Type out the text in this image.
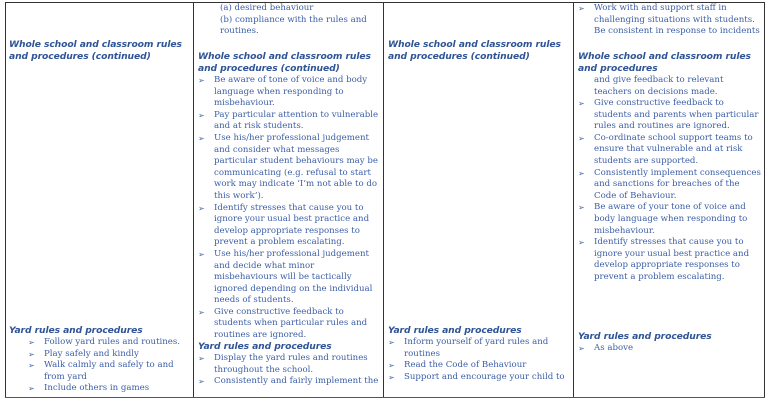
Whole school and classroom rules and procedures (continued)
Yard rules and procedures
➢ Follow yard rules and routines.
➢ Play safely and kindly
➢ Walk calmly and safely to and from yard
➢ Include others in games
(a) desired behaviour
(b) compliance with the rules and routines.
Whole school and classroom rules and procedures (continued)
➢ Be aware of tone of voice and body language when responding to misbehaviour.
➢ Pay particular attention to vulnerable and at risk students.
➢ Use his/her professional judgement and consider what messages particular student behaviours may be communicating (e.g. refusal to start work may indicate ‘I’m not able to do this work’).
➢ Identify stresses that cause you to ignore your usual best practice and develop appropriate responses to prevent a problem escalating.
➢ Use his/her professional judgement and decide what minor misbehaviours will be tactically ignored depending on the individual needs of students.
➢ Give constructive feedback to students when particular rules and routines are ignored.
Yard rules and procedures
➢ Display the yard rules and routines throughout the school.
➢ Consistently and fairly implement the
Whole school and classroom rules and procedures (continued)
Yard rules and procedures
➢ Inform yourself of yard rules and routines
➢ Read the Code of Behaviour
➢ Support and encourage your child to
➢ Work with and support staff in challenging situations with students.
Be consistent in response to incidents
Whole school and classroom rules and procedures
and give feedback to relevant teachers on decisions made.
➢ Give constructive feedback to students and parents when particular rules and routines are ignored.
➢ Co-ordinate school support teams to ensure that vulnerable and at risk students are supported.
➢ Consistently implement consequences and sanctions for breaches of the Code of Behaviour.
➢ Be aware of your tone of voice and body language when responding to misbehaviour.
➢ Identify stresses that cause you to ignore your usual best practice and develop appropriate responses to prevent a problem escalating.
Yard rules and procedures
➢ As above
